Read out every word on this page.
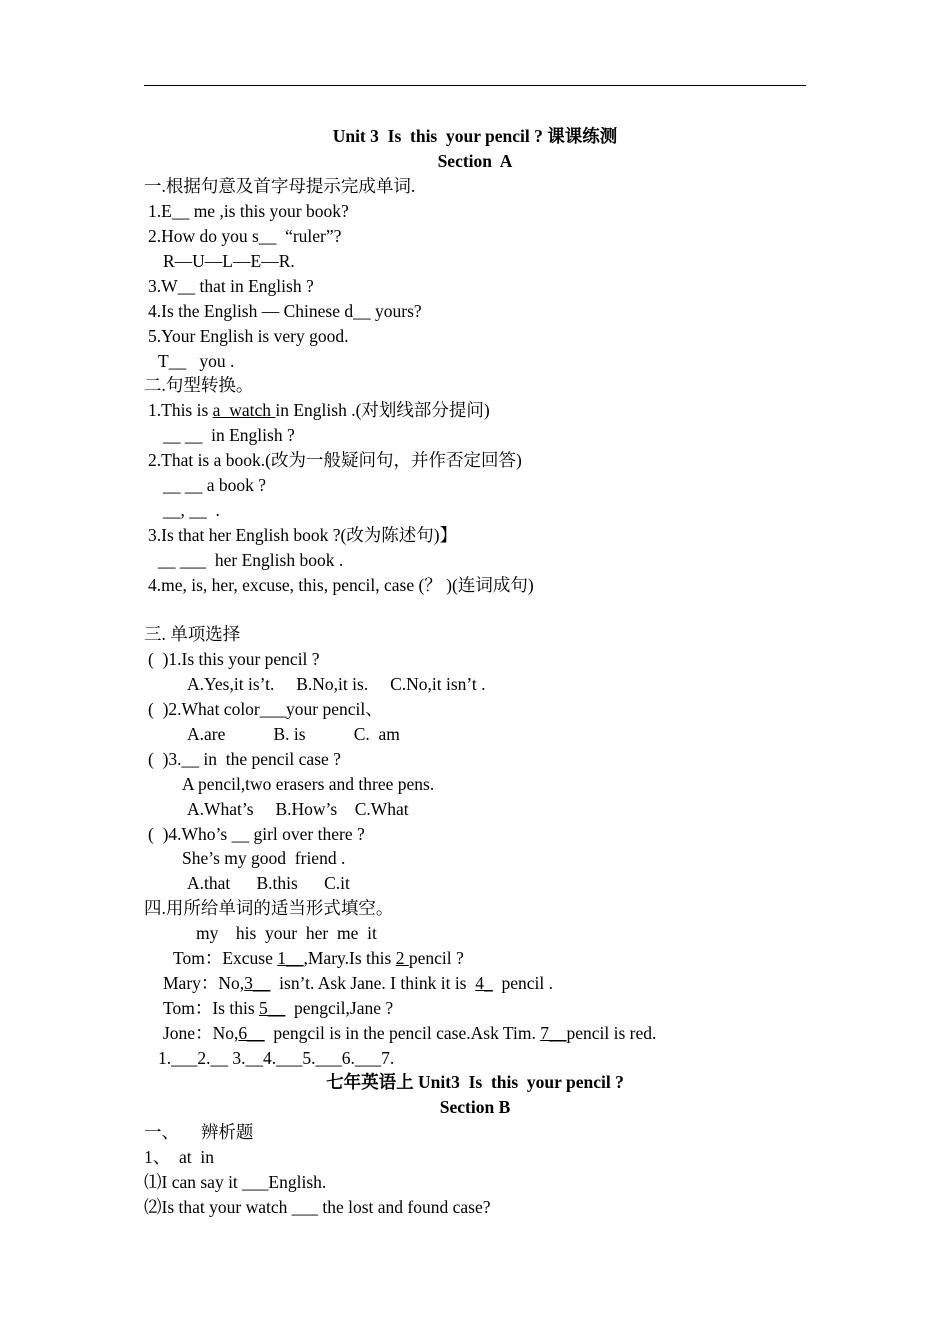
Unit 3  Is  this  your pencil ? 课课练测
Section  A
一.根据句意及首字母提示完成单词.
1.E__ me ,is this your book?
2.How do you s__  “ruler”?
R—U—L—E—R.
3.W__ that in English ?
4.Is the English — Chinese d__ yours?
5.Your English is very good.
T__   you .
二.句型转换。
1.This is a  watch in English .(对划线部分提问)
__ __  in English ?
2.That is a book.(改为一般疑问句，并作否定回答)
__ __ a book ?
__, __  .
3.Is that her English book ?(改为陈述句)】
__ ___  her English book .
4.me, is, her, excuse, this, pencil, case (？ )(连词成句)
三. 单项选择
(  )1.Is this your pencil ?
A.Yes,it is’t.     B.No,it is.     C.No,it isn’t .
(  )2.What color___your pencil、
A.are           B. is           C.  am
(  )3.__ in  the pencil case ?
A pencil,two erasers and three pens.
A.What’s     B.How’s    C.What
(  )4.Who’s __ girl over there ?
She’s my good  friend .
A.that      B.this      C.it
四.用所给单词的适当形式填空。
my    his  your  her  me  it
Tom：Excuse 1__,Mary.Is this 2 pencil ?
Mary：No,3__  isn’t. Ask Jane. I think it is  4_  pencil .
Tom：Is this 5__  pengcil,Jane ?
Jone：No,6__  pengcil is in the pencil case.Ask Tim. 7__pencil is red.
1.___2.__ 3.__4.___5.___6.___7.
七年英语上 Unit3  Is  this  your pencil ?
Section B
一、     辨析题
1、  at  in
⑴I can say it ___English.
⑵Is that your watch ___ the lost and found case?
